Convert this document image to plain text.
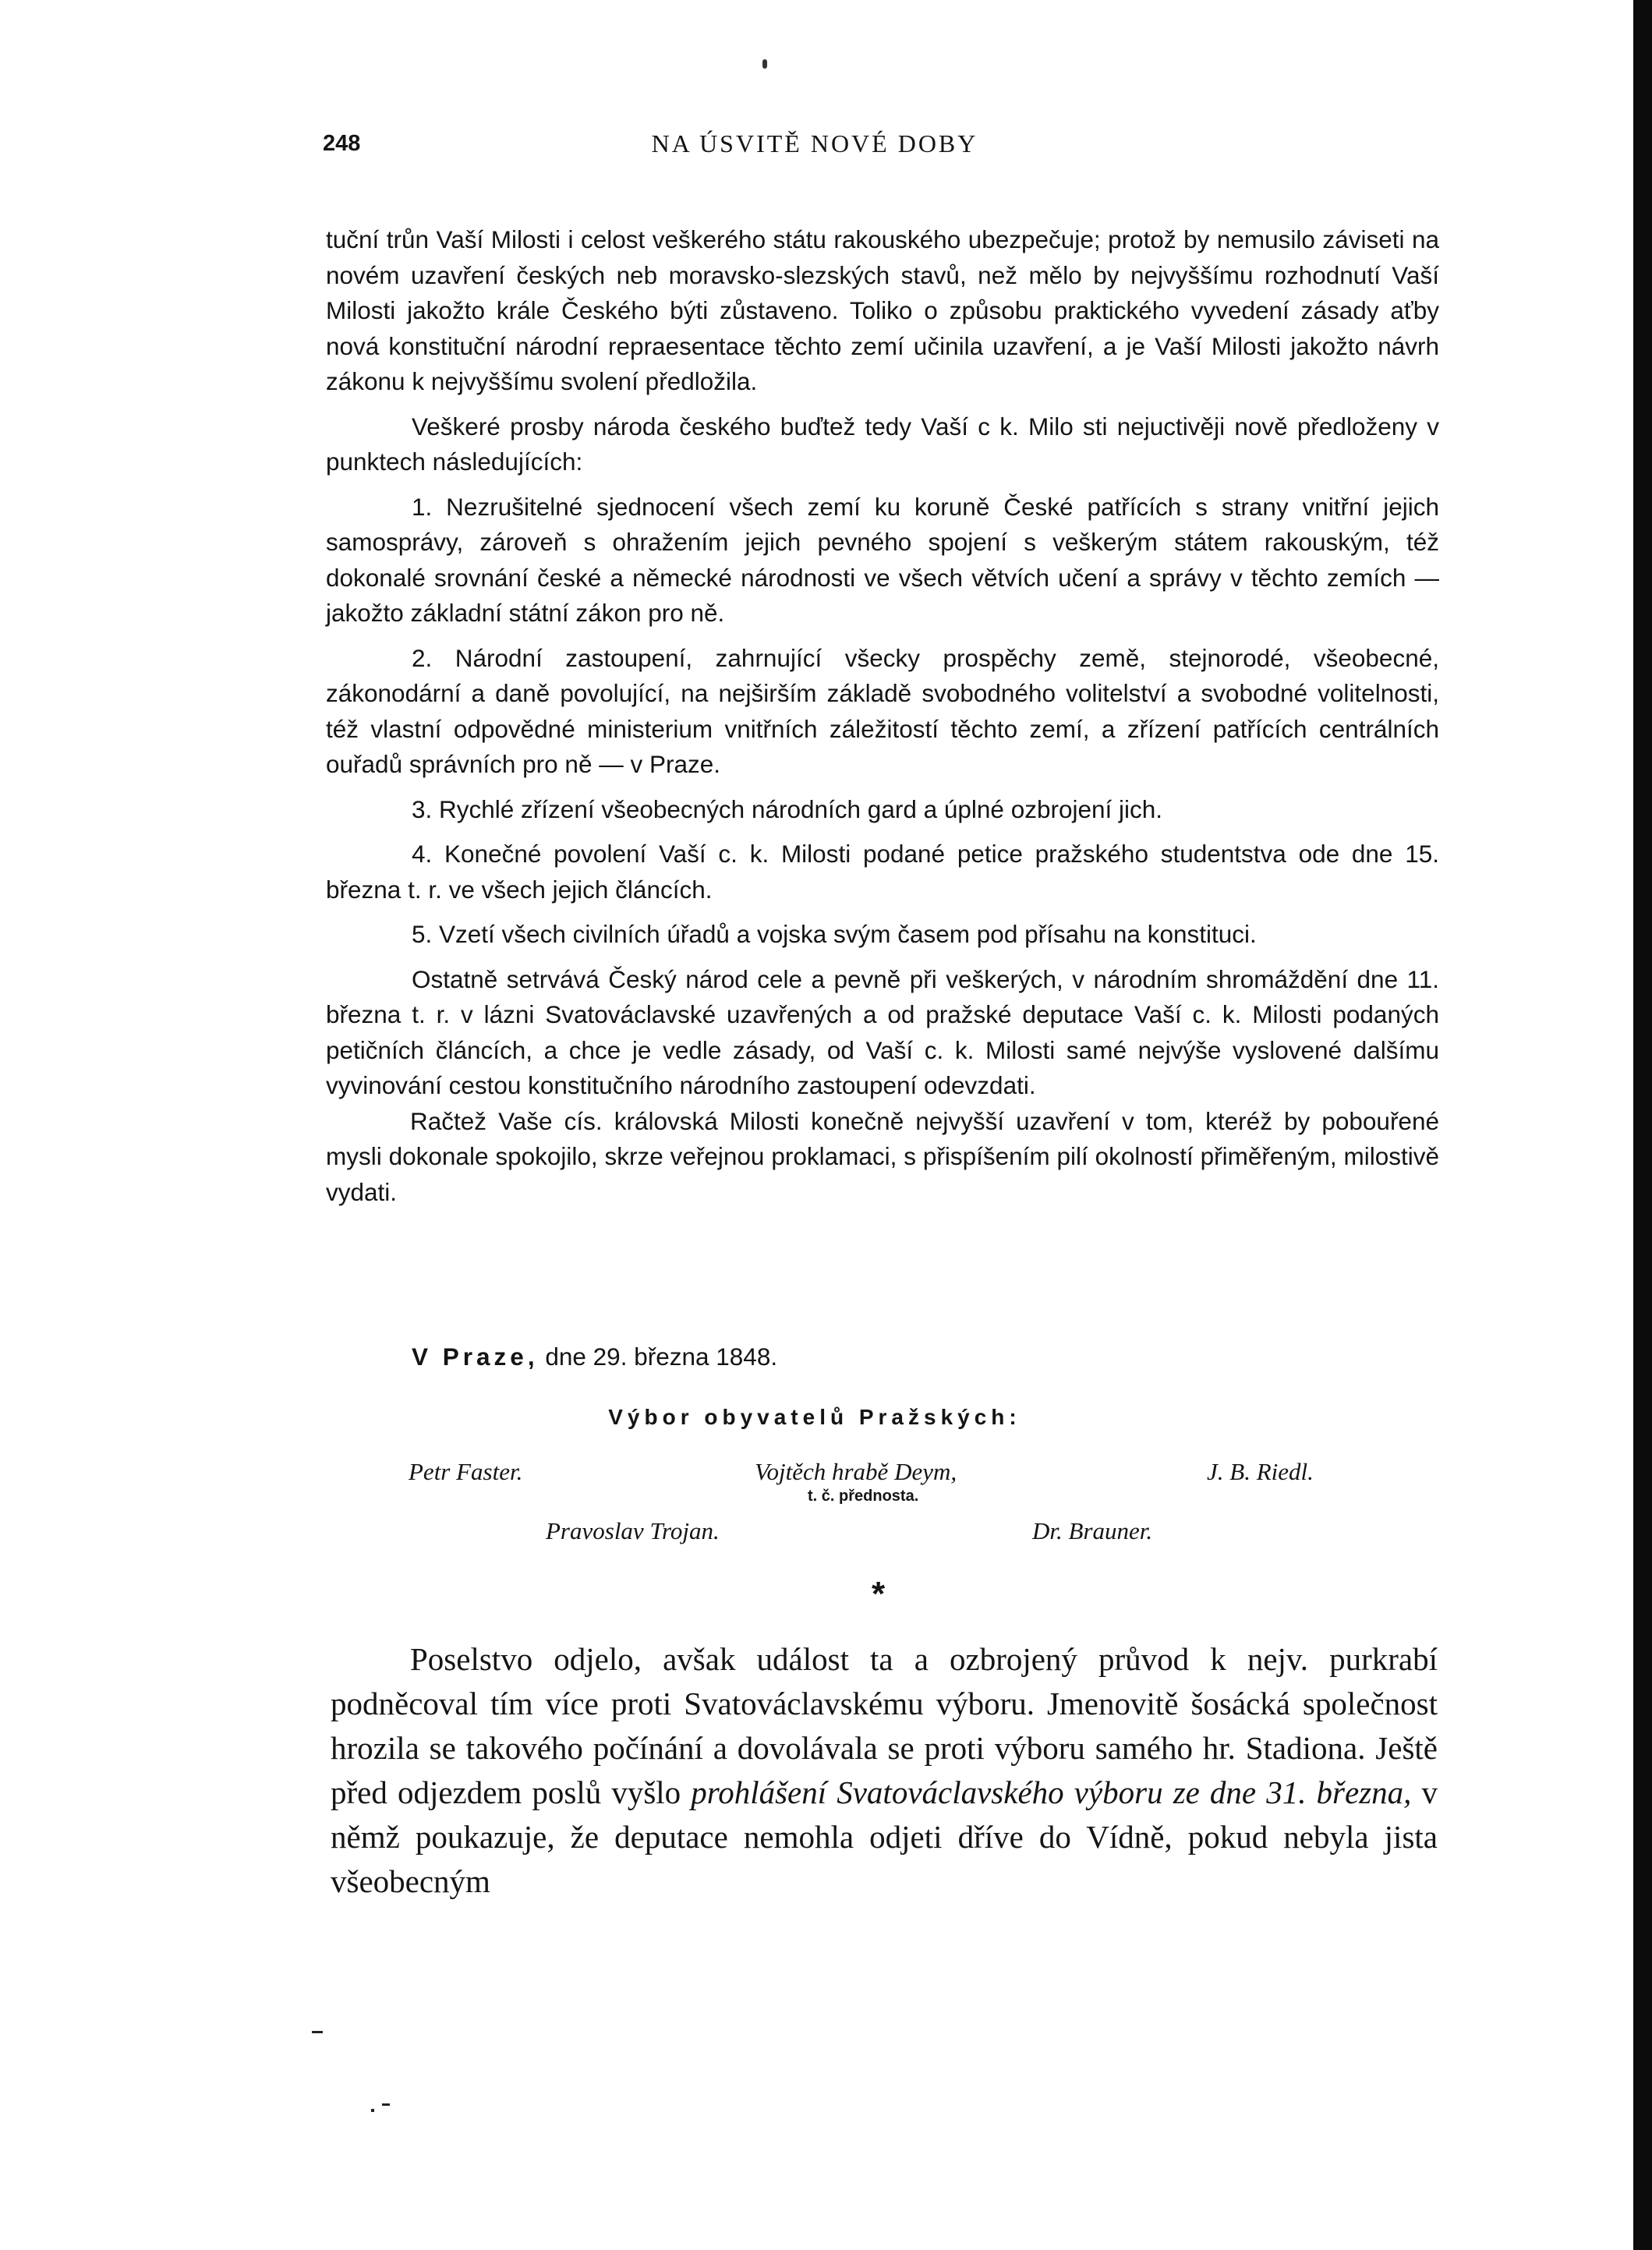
248	NA ÚSVITĚ NOVÉ DOBY

tuční trůn Vaší Milosti i celost veškerého státu rakouského ubezpečuje; protož by nemusilo záviseti na novém uzavření českých neb moravsko-slezských stavů, než mělo by nejvyššímu rozhodnutí Vaší Milosti jakožto krále Českého býti zůstaveno. Toliko o způsobu praktického vyvedení zásady aťby nová konstituční národní repraesentace těchto zemí učinila uzavření, a je Vaší Milosti jakožto návrh zákonu k nejvyššímu svolení předložila.

Veškeré prosby národa českého buďtež tedy Vaší c k. Milo sti nejuctivěji nově předloženy v punktech následujících:

1. Nezrušitelné sjednocení všech zemí ku koruně České patřících s strany vnitřní jejich samosprávy, zároveň s ohražením jejich pevného spojení s veškerým státem rakouským, též dokonalé srovnání české a německé národnosti ve všech větvích učení a správy v těchto zemích — jakožto základní státní zákon pro ně.

2. Národní zastoupení, zahrnující všecky prospěchy země, stejnorodé, všeobecné, zákonodární a daně povolující, na nejširším základě svobodného volitelství a svobodné volitelnosti, též vlastní odpovědné ministerium vnitřních záležitostí těchto zemí, a zřízení patřících centrálních ouřadů správních pro ně — v Praze.

3. Rychlé zřízení všeobecných národních gard a úplné ozbrojení jich.

4. Konečné povolení Vaší c. k. Milosti podané petice pražského studentstva ode dne 15. března t. r. ve všech jejich článcích.

5. Vzetí všech civilních úřadů a vojska svým časem pod přísahu na konstituci.

Ostatně setrvává Český národ cele a pevně při veškerých, v národním shromáždění dne 11. března t. r. v lázni Svatováclavské uzavřených a od pražské deputace Vaší c. k. Milosti podaných petičních článcích, a chce je vedle zásady, od Vaší c. k. Milosti samé nejvýše vyslovené dalšímu vyvinování cestou konstitučního národního zastoupení odevzdati.

Račtež Vaše cís. královská Milosti konečně nejvyšší uzavření v tom, kteréž by pobouřené mysli dokonale spokojilo, skrze veřejnou proklamaci, s přispíšením pilí okolností přiměřeným, milostivě vydati.

V Praze, dne 29. března 1848.
Výbor obyvatelů Pražských:
Petr Faster.	Vojtěch hrabě Deym,
t. č. přednosta.
J. B. Riedl.
Pravoslav Trojan.	Dr. Brauner.
*

Poselstvo odjelo, avšak událost ta a ozbrojený průvod k nejv. purkrabí podněcoval tím více proti Svatováclavskému výboru. Jmenovitě šosácká společnost hrozila se takového počínání a dovolávala se proti výboru samého hr. Stadiona. Ještě před odjezdem poslů vyšlo prohlášení Svatováclavského výboru ze dne 31. března, v němž poukazuje, že deputace nemohla odjeti dříve do Vídně, pokud nebyla jista všeobecným
